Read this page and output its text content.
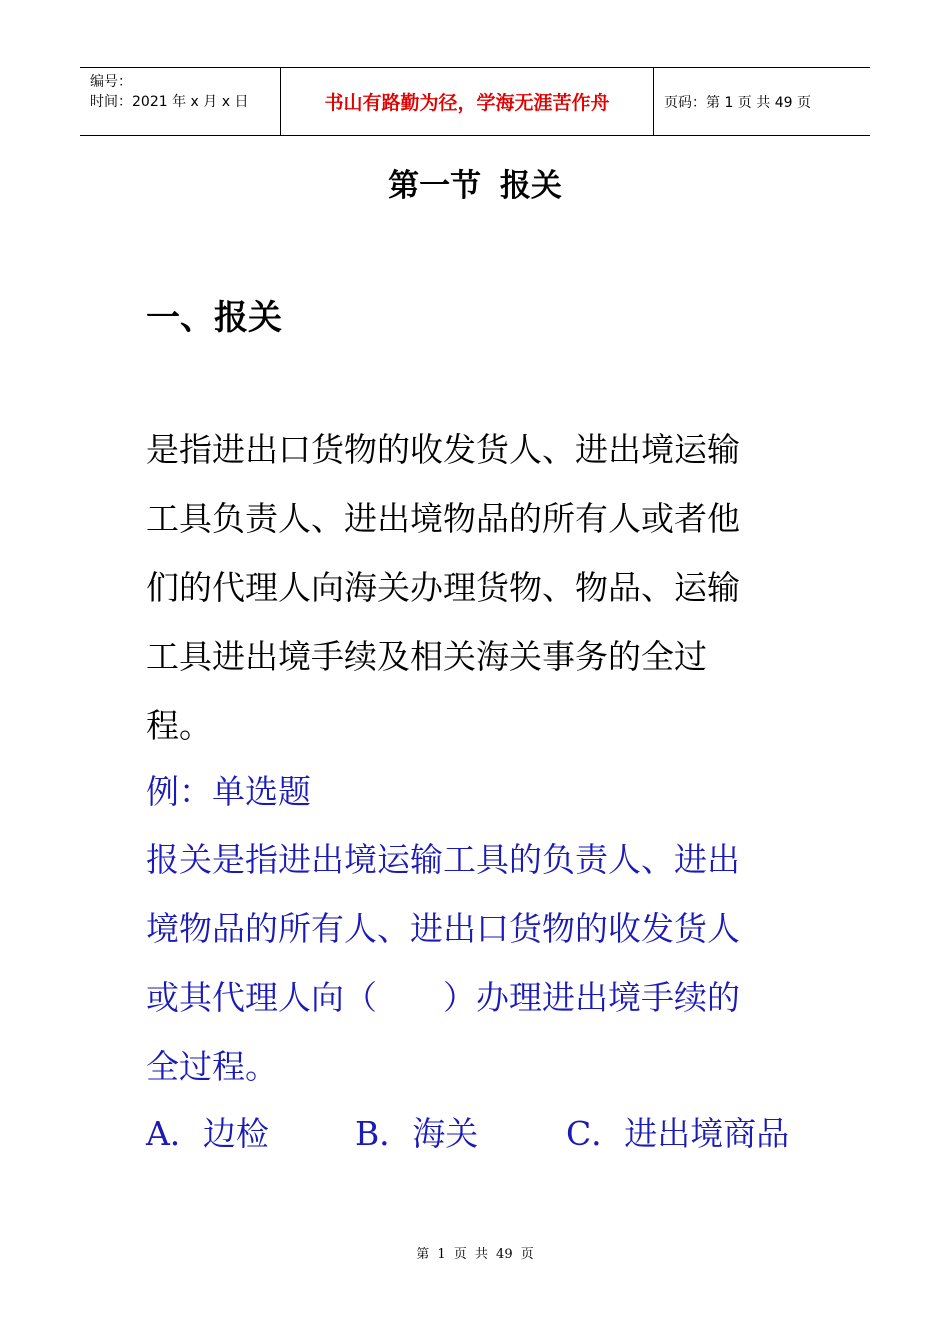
编号：
时间：2021 年 x 月 x 日	书山有路勤为径，学海无涯苦作舟	页码：第 1 页 共 49 页
第一节 报关
一、报关
是指进出口货物的收发货人、进出境运输
工具负责人、进出境物品的所有人或者他
们的代理人向海关办理货物、物品、运输
工具进出境手续及相关海关事务的全过
程。
例：单选题
报关是指进出境运输工具的负责人、进出
境物品的所有人、进出口货物的收发货人
或其代理人向（　　）办理进出境手续的
全过程。
A．边检	B．海关	C．进出境商品
第 1 页 共 49 页
